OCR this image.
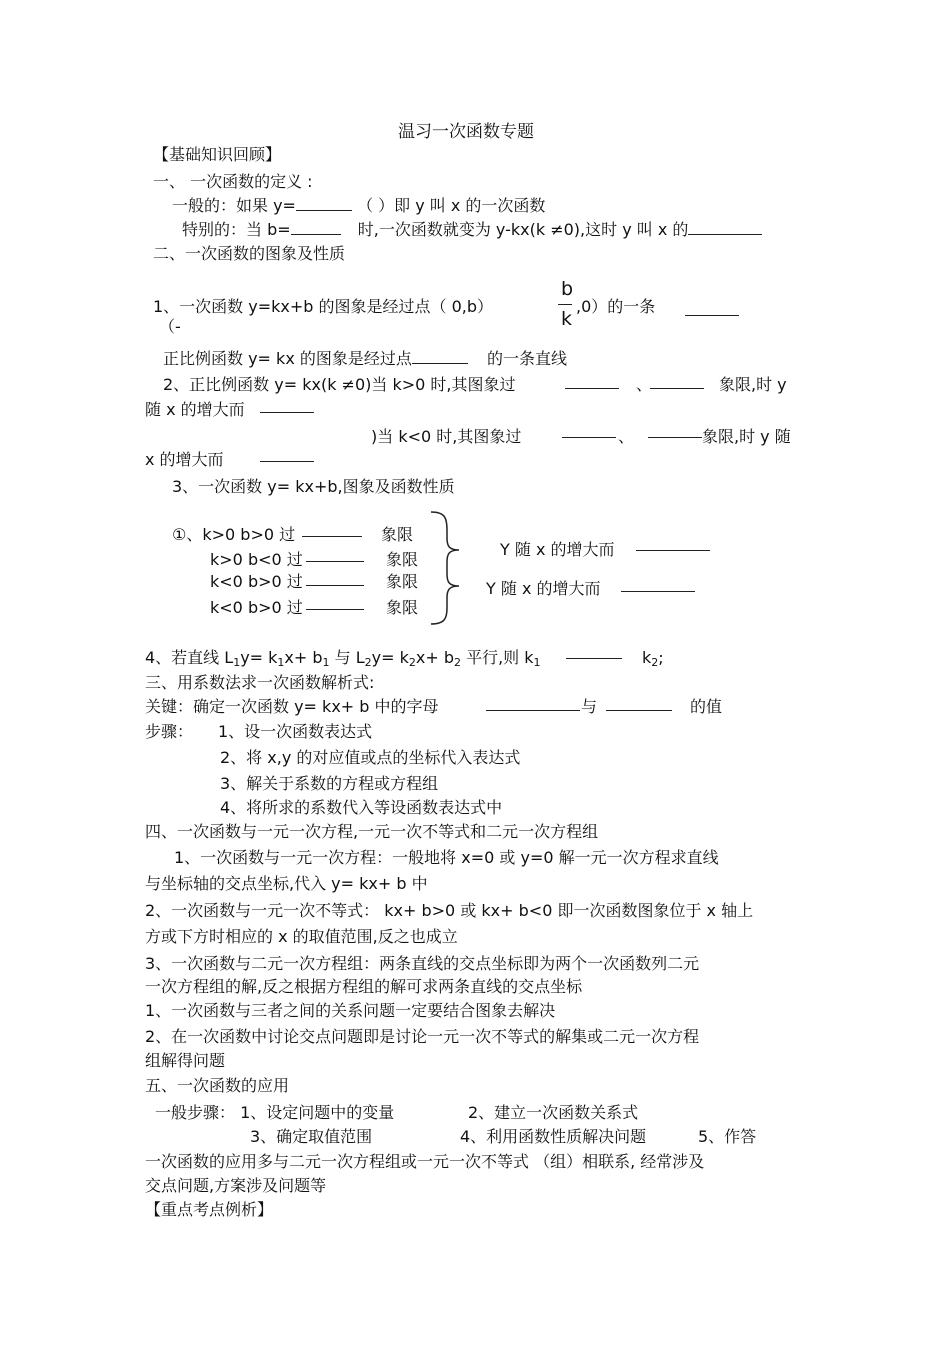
温习一次函数专题
【基础知识回顾】
一、 一次函数的定义 :
一般的：如果 y=	（ ）即 y 叫 x 的一次函数
特别的：当 b=	时,一次函数就变为 y-kx(k ≠0),这时 y 叫 x 的
二、一次函数的图象及性质
1、一次函数 y=kx+b 的图象是经过点（ 0,b）
（-
b
k
,0）的一条
正比例函数 y= kx 的图象是经过点	的一条直线
2、正比例函数 y= kx(k ≠0)当 k>0 时,其图象过	、	象限,时 y
随 x 的增大而
)当 k<0 时,其图象过	、	象限,时 y 随
x 的增大而
3、一次函数 y= kx+b,图象及函数性质
①、k>0 b>0 过	象限
k>0 b<0 过	象限
k<0 b>0 过	象限
k<0 b>0 过	象限
Y 随 x 的增大而
Y 随 x 的增大而
4、若直线 $L_1y= k_1x+ b_1$ 与 $L_2y= k_2x+ b_2$ 平行,则 $k_1$	$k_2$;
三、用系数法求一次函数解析式:
关键：确定一次函数 y= kx+ b 中的字母	与	的值
步骤： 1、设一次函数表达式
2、将 x,y 的对应值或点的坐标代入表达式
3、解关于系数的方程或方程组
4、将所求的系数代入等设函数表达式中
四、一次函数与一元一次方程,一元一次不等式和二元一次方程组
1、一次函数与一元一次方程：一般地将 x=0 或 y=0 解一元一次方程求直线
与坐标轴的交点坐标,代入 y= kx+ b 中
2、一次函数与一元一次不等式： kx+ b>0 或 kx+ b<0 即一次函数图象位于 x 轴上
方或下方时相应的 x 的取值范围,反之也成立
3、一次函数与二元一次方程组：两条直线的交点坐标即为两个一次函数列二元
一次方程组的解,反之根据方程组的解可求两条直线的交点坐标
1、一次函数与三者之间的关系问题一定要结合图象去解决
2、在一次函数中讨论交点问题即是讨论一元一次不等式的解集或二元一次方程
组解得问题
五、一次函数的应用
一般步骤： 1、设定问题中的变量	2、建立一次函数关系式
3、确定取值范围	4、利用函数性质解决问题	5、作答
一次函数的应用多与二元一次方程组或一元一次不等式 （组）相联系, 经常涉及
交点问题,方案涉及问题等
【重点考点例析】
